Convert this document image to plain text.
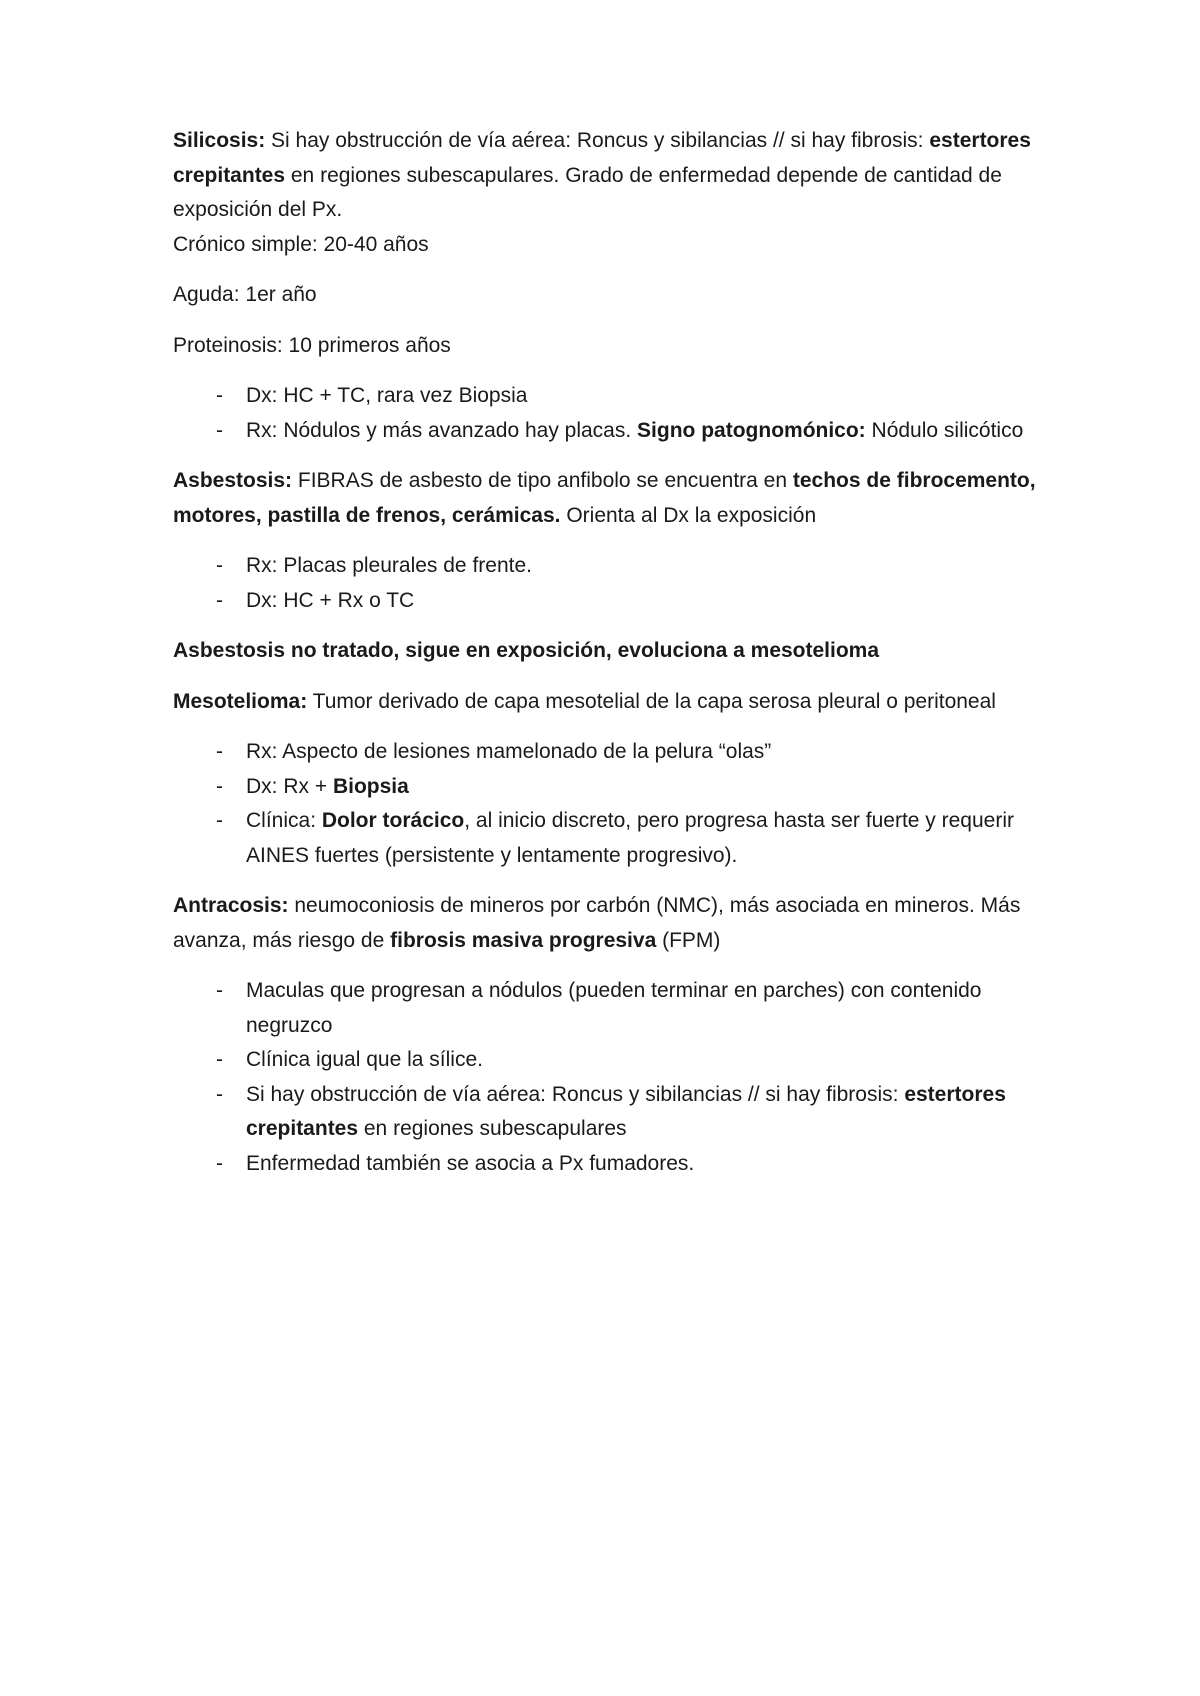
Silicosis: Si hay obstrucción de vía aérea: Roncus y sibilancias // si hay fibrosis: estertores crepitantes en regiones subescapulares. Grado de enfermedad depende de cantidad de exposición del Px.

Crónico simple: 20-40 años

Aguda: 1er año

Proteinosis: 10 primeros años

- Dx: HC + TC, rara vez Biopsia
- Rx: Nódulos y más avanzado hay placas. Signo patognomónico: Nódulo silicótico

Asbestosis: FIBRAS de asbesto de tipo anfibolo se encuentra en techos de fibrocemento, motores, pastilla de frenos, cerámicas. Orienta al Dx la exposición

- Rx: Placas pleurales de frente.
- Dx: HC + Rx o TC

Asbestosis no tratado, sigue en exposición, evoluciona a mesotelioma

Mesotelioma: Tumor derivado de capa mesotelial de la capa serosa pleural o peritoneal

- Rx: Aspecto de lesiones mamelonado de la pelura “olas”
- Dx: Rx + Biopsia
- Clínica: Dolor torácico, al inicio discreto, pero progresa hasta ser fuerte y requerir AINES fuertes (persistente y lentamente progresivo).

Antracosis: neumoconiosis de mineros por carbón (NMC), más asociada en mineros. Más avanza, más riesgo de fibrosis masiva progresiva (FPM)

- Maculas que progresan a nódulos (pueden terminar en parches) con contenido negruzco
- Clínica igual que la sílice.
- Si hay obstrucción de vía aérea: Roncus y sibilancias // si hay fibrosis: estertores crepitantes en regiones subescapulares
- Enfermedad también se asocia a Px fumadores.
